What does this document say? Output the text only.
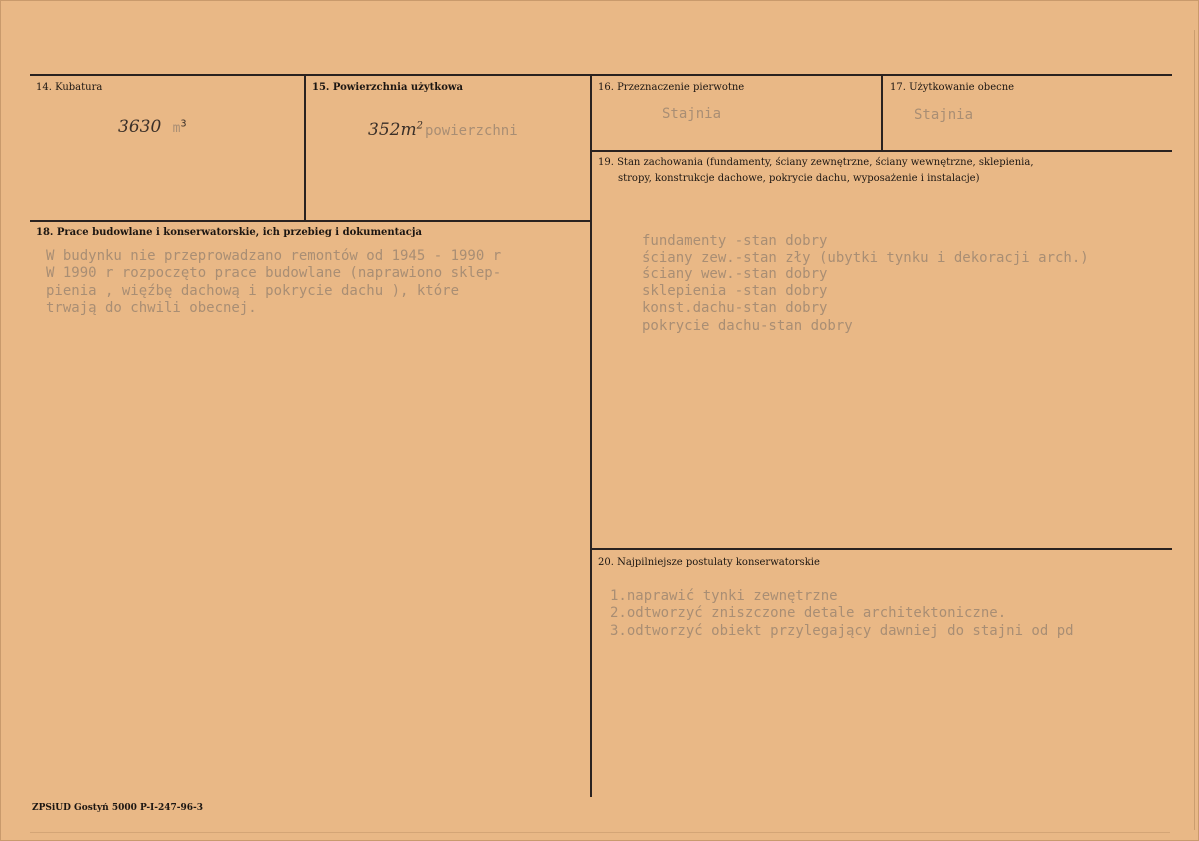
14. Kubatura
3630 $m^3$
15. Powierzchnia użytkowa
$352m^2$ powierzchni
16. Przeznaczenie pierwotne
Stajnia
17. Użytkowanie obecne
Stajnia
18. Prace budowlane i konserwatorskie, ich przebieg i dokumentacja
W budynku nie przeprowadzano remontów od 1945 - 1990 r
W 1990 r rozpoczęto prace budowlane (naprawiono sklep-
pienia , więźbę dachową i pokrycie dachu ), które
trwają do chwili obecnej.
19. Stan zachowania (fundamenty, ściany zewnętrzne, ściany wewnętrzne, sklepienia,
stropy, konstrukcje dachowe, pokrycie dachu, wyposażenie i instalacje)
fundamenty -stan dobry
ściany zew.-stan zły (ubytki tynku i dekoracji arch.)
ściany wew.-stan dobry
sklepienia -stan dobry
konst.dachu-stan dobry
pokrycie dachu-stan dobry
20. Najpilniejsze postulaty konserwatorskie
1.naprawić tynki zewnętrzne
2.odtworzyć zniszczone detale architektoniczne.
3.odtworzyć obiekt przylegający dawniej do stajni od pd
ZPSiUD Gostyń 5000 P-I-247-96-3
